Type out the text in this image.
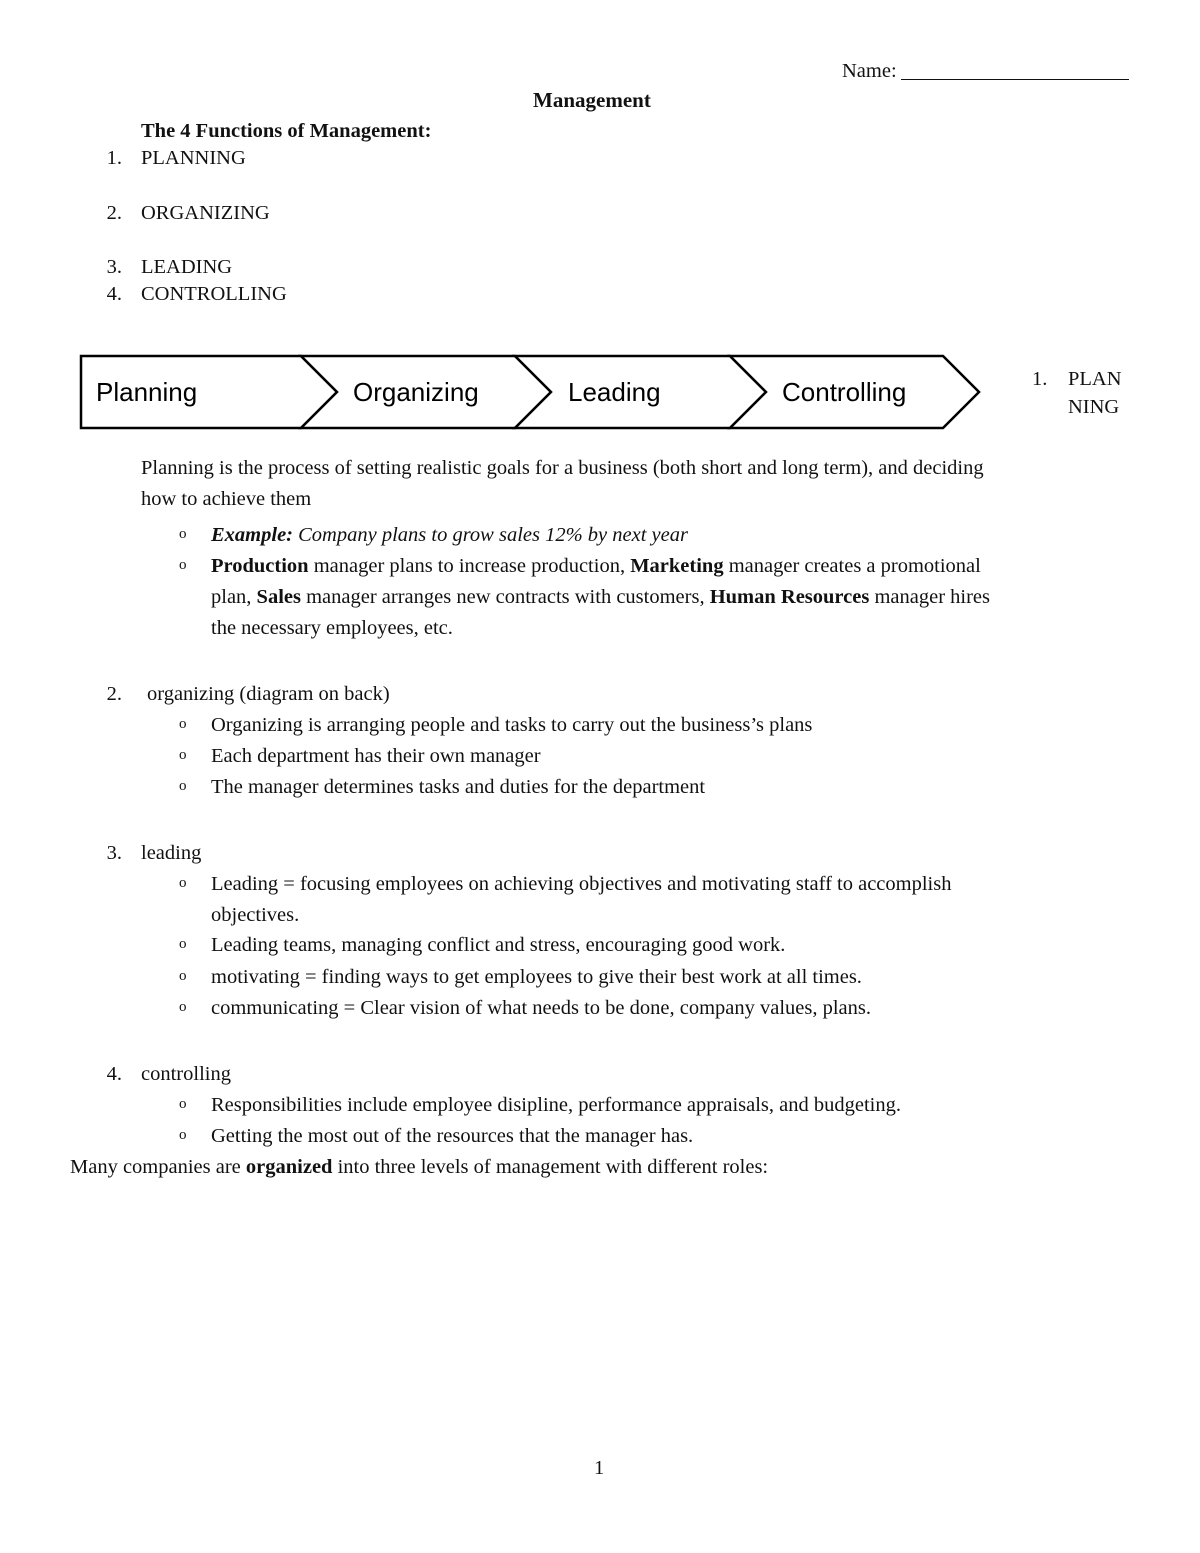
Name:
Management
The 4 Functions of Management:
1. PLANNING
2. ORGANIZING
3. LEADING
4. CONTROLLING
Planning	Organizing	Leading	Controlling	1. PLAN
NING
Planning is the process of setting realistic goals for a business (both short and long term), and deciding
how to achieve them
o Example: Company plans to grow sales 12% by next year
o Production manager plans to increase production, Marketing manager creates a promotional
plan, Sales manager arranges new contracts with customers, Human Resources manager hires
the necessary employees, etc.
2. organizing (diagram on back)
o Organizing is arranging people and tasks to carry out the business’s plans
o Each department has their own manager
o The manager determines tasks and duties for the department
3. leading
o Leading = focusing employees on achieving objectives and motivating staff to accomplish
objectives.
o Leading teams, managing conflict and stress, encouraging good work.
o motivating = finding ways to get employees to give their best work at all times.
o communicating = Clear vision of what needs to be done, company values, plans.
4. controlling
o Responsibilities include employee disipline, performance appraisals, and budgeting.
o Getting the most out of the resources that the manager has.
Many companies are organized into three levels of management with different roles:
1
